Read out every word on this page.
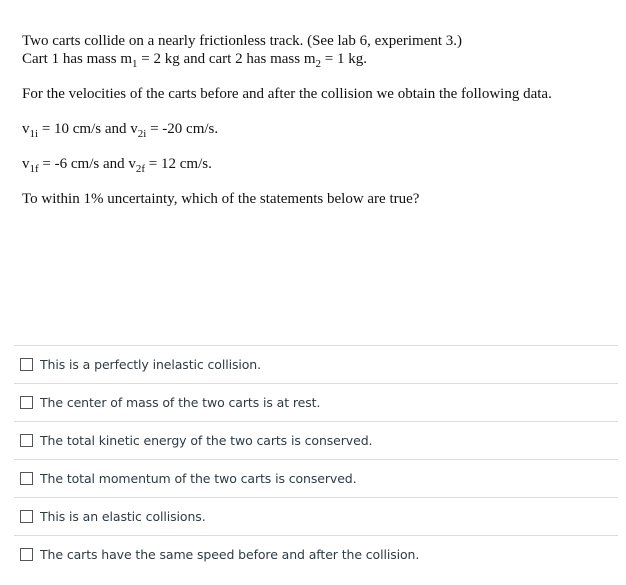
Two carts collide on a nearly frictionless track. (See lab 6, experiment 3.)
Cart 1 has mass $m_1 = 2$ kg and cart 2 has mass $m_2 = 1$ kg.
For the velocities of the carts before and after the collision we obtain the following data.
$v_{1i} = 10$ cm/s and $v_{2i} = -20$ cm/s.
$v_{1f} = -6$ cm/s and $v_{2f} = 12$ cm/s.
To within 1% uncertainty, which of the statements below are true?
This is a perfectly inelastic collision.
The center of mass of the two carts is at rest.
The total kinetic energy of the two carts is conserved.
The total momentum of the two carts is conserved.
This is an elastic collisions.
The carts have the same speed before and after the collision.
